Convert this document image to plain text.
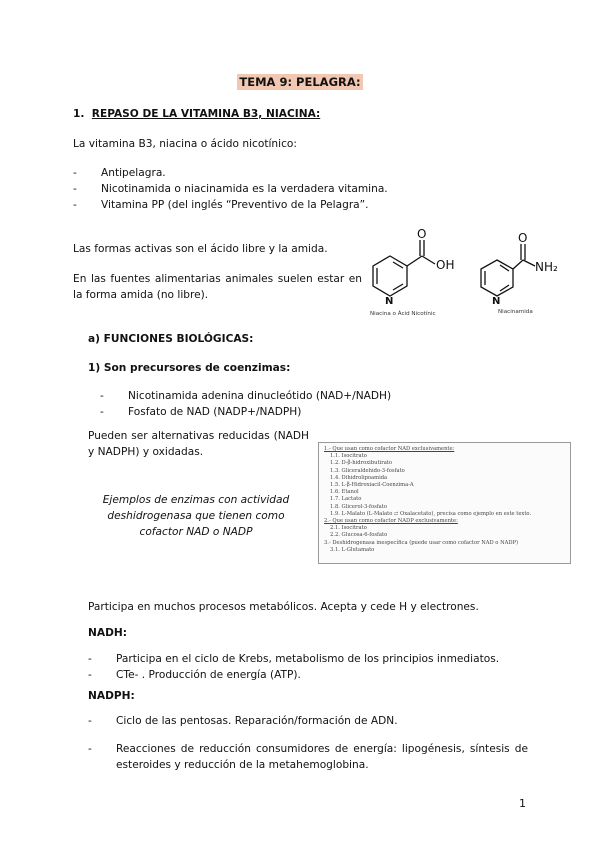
TEMA 9: PELAGRA:
1. REPASO DE LA VITAMINA B3, NIACINA:
La vitamina B3, niacina o ácido nicotínico:
- Antipelagra.
- Nicotinamida o niacinamida es la verdadera vitamina.
- Vitamina PP (del inglés “Preventivo de la Pelagra”.
Las formas activas son el ácido libre y la amida.
En las fuentes alimentarias animales suelen estar en la forma amida (no libre).
O
OH
N
Niacina o Ácid Nicotínic
O
NH₂
N
Niacinamida
a) FUNCIONES BIOLÓGICAS:
1) Son precursores de coenzimas:
- Nicotinamida adenina dinucleótido (NAD+/NADH)
- Fosfato de NAD (NADP+/NADPH)
Pueden ser alternativas reducidas (NADH y NADPH) y oxidadas.
Ejemplos de enzimas con actividad deshidrogenasa que tienen como cofactor NAD o NADP
1.- Que usan como cofactor NAD exclusivamente:
1.1. Isocitrato
1.2. D-β-hidroxibutirato
1.3. Gliceraldehido-3-fosfato
1.4. Dihidrolipoamida
1.5. L-β-Hidroxiacil-Coenzima-A
1.6. Etanol
1.7. Lactato
1.8. Glicerol-3-fosfato
1.9. L-Malato (L-Malato ⇄ Oxalacetato), precisa como ejemplo en este texto.
2.- Que usan como cofactor NADP exclusivamente:
2.1. Isocitrato
2.2. Glucosa-6-fosfato
3.- Deshidrogenasa inespecífica (puede usar como cofactor NAD o NADP)
3.1. L-Glutamato
Participa en muchos procesos metabólicos. Acepta y cede H y electrones.
NADH:
- Participa en el ciclo de Krebs, metabolismo de los principios inmediatos.
- CTe- . Producción de energía (ATP).
NADPH:
- Ciclo de las pentosas. Reparación/formación de ADN.
- Reacciones de reducción consumidores de energía: lipogénesis, síntesis de esteroides y reducción de la metahemoglobina.
1
